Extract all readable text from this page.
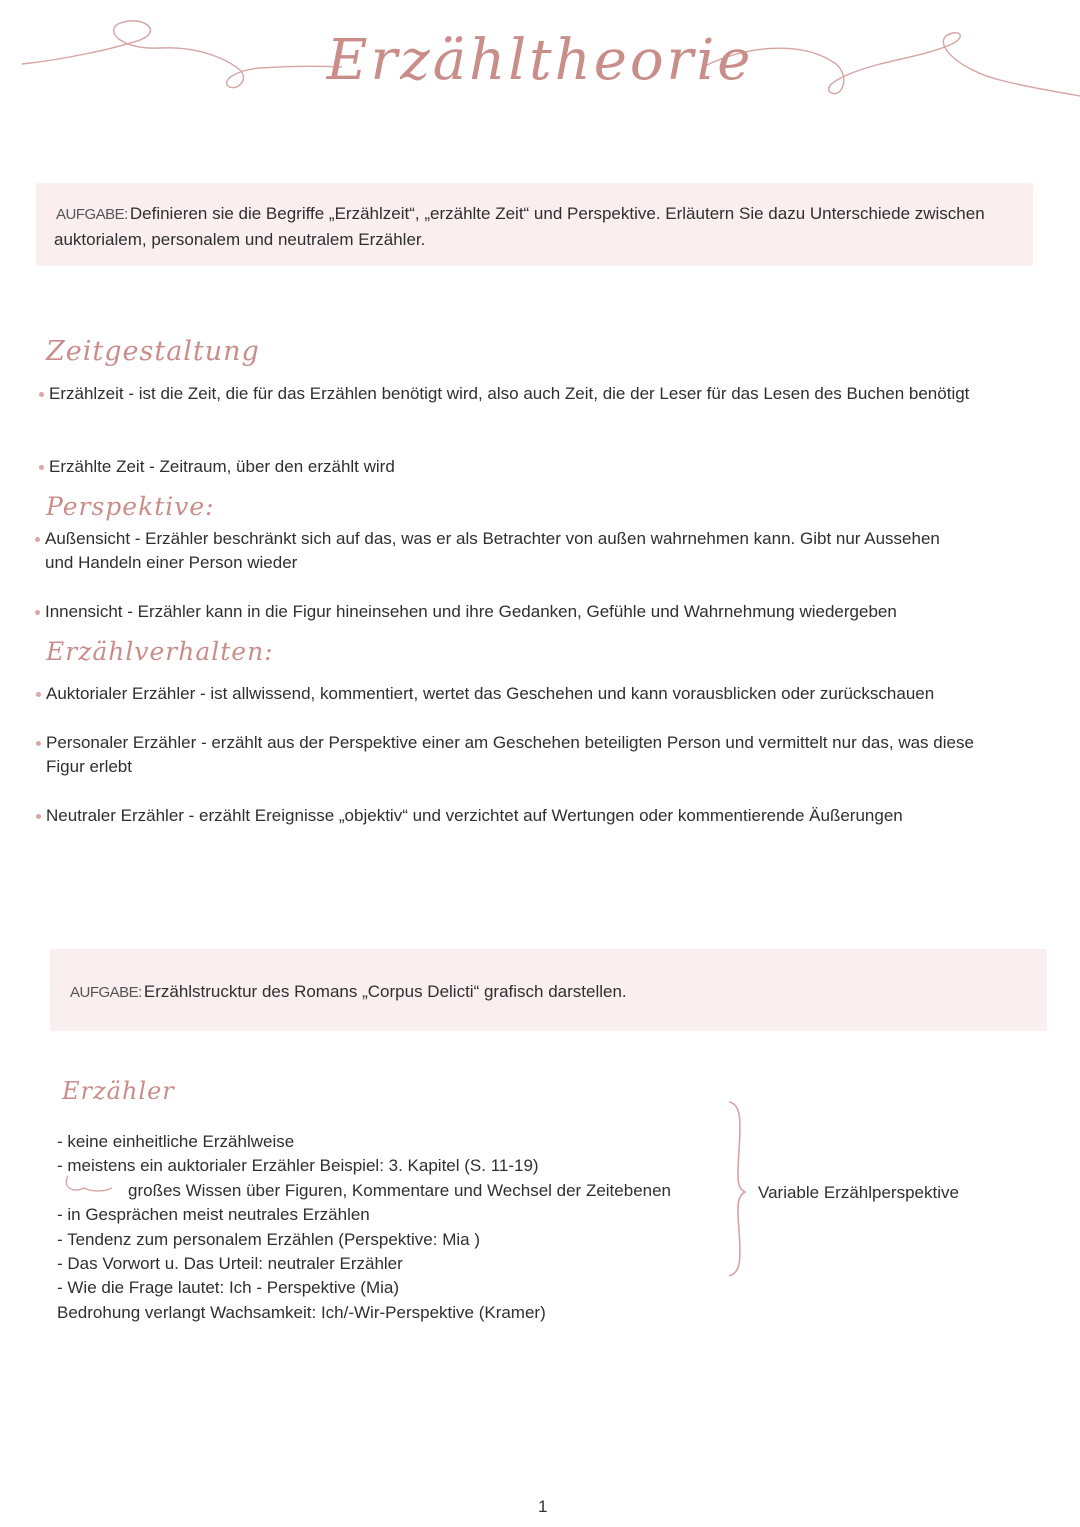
Erzähltheorie
AUFGABE: Definieren sie die Begriffe „Erzählzeit“, „erzählte Zeit“ und Perspektive. Erläutern Sie dazu Unterschiede zwischen auktorialem, personalem und neutralem Erzähler.
Zeitgestaltung
Erzählzeit - ist die Zeit, die für das Erzählen benötigt wird, also auch Zeit, die der Leser für das Lesen des Buchen benötigt
Erzählte Zeit - Zeitraum, über den erzählt wird
Perspektive:
Außensicht - Erzähler beschränkt sich auf das, was er als Betrachter von außen wahrnehmen kann. Gibt nur Aussehen und Handeln einer Person wieder
Innensicht - Erzähler kann in die Figur hineinsehen und ihre Gedanken, Gefühle und Wahrnehmung wiedergeben
Erzählverhalten:
Auktorialer Erzähler - ist allwissend, kommentiert, wertet das Geschehen und kann vorausblicken oder zurückschauen
Personaler Erzähler - erzählt aus der Perspektive einer am Geschehen beteiligten Person und vermittelt nur das, was diese Figur erlebt
Neutraler Erzähler - erzählt Ereignisse „objektiv“ und verzichtet auf Wertungen oder kommentierende Äußerungen
AUFGABE: Erzählstrucktur des Romans „Corpus Delicti“ grafisch darstellen.
Erzähler
- keine einheitliche Erzählweise
- meistens ein auktorialer Erzähler Beispiel: 3. Kapitel (S. 11-19)
großes Wissen über Figuren, Kommentare und Wechsel der Zeitebenen
- in Gesprächen meist neutrales Erzählen
- Tendenz zum personalem Erzählen (Perspektive: Mia )
- Das Vorwort u. Das Urteil: neutraler Erzähler
- Wie die Frage lautet: Ich - Perspektive (Mia)
Bedrohung verlangt Wachsamkeit: Ich/-Wir-Perspektive (Kramer)
Variable Erzählperspektive
1
